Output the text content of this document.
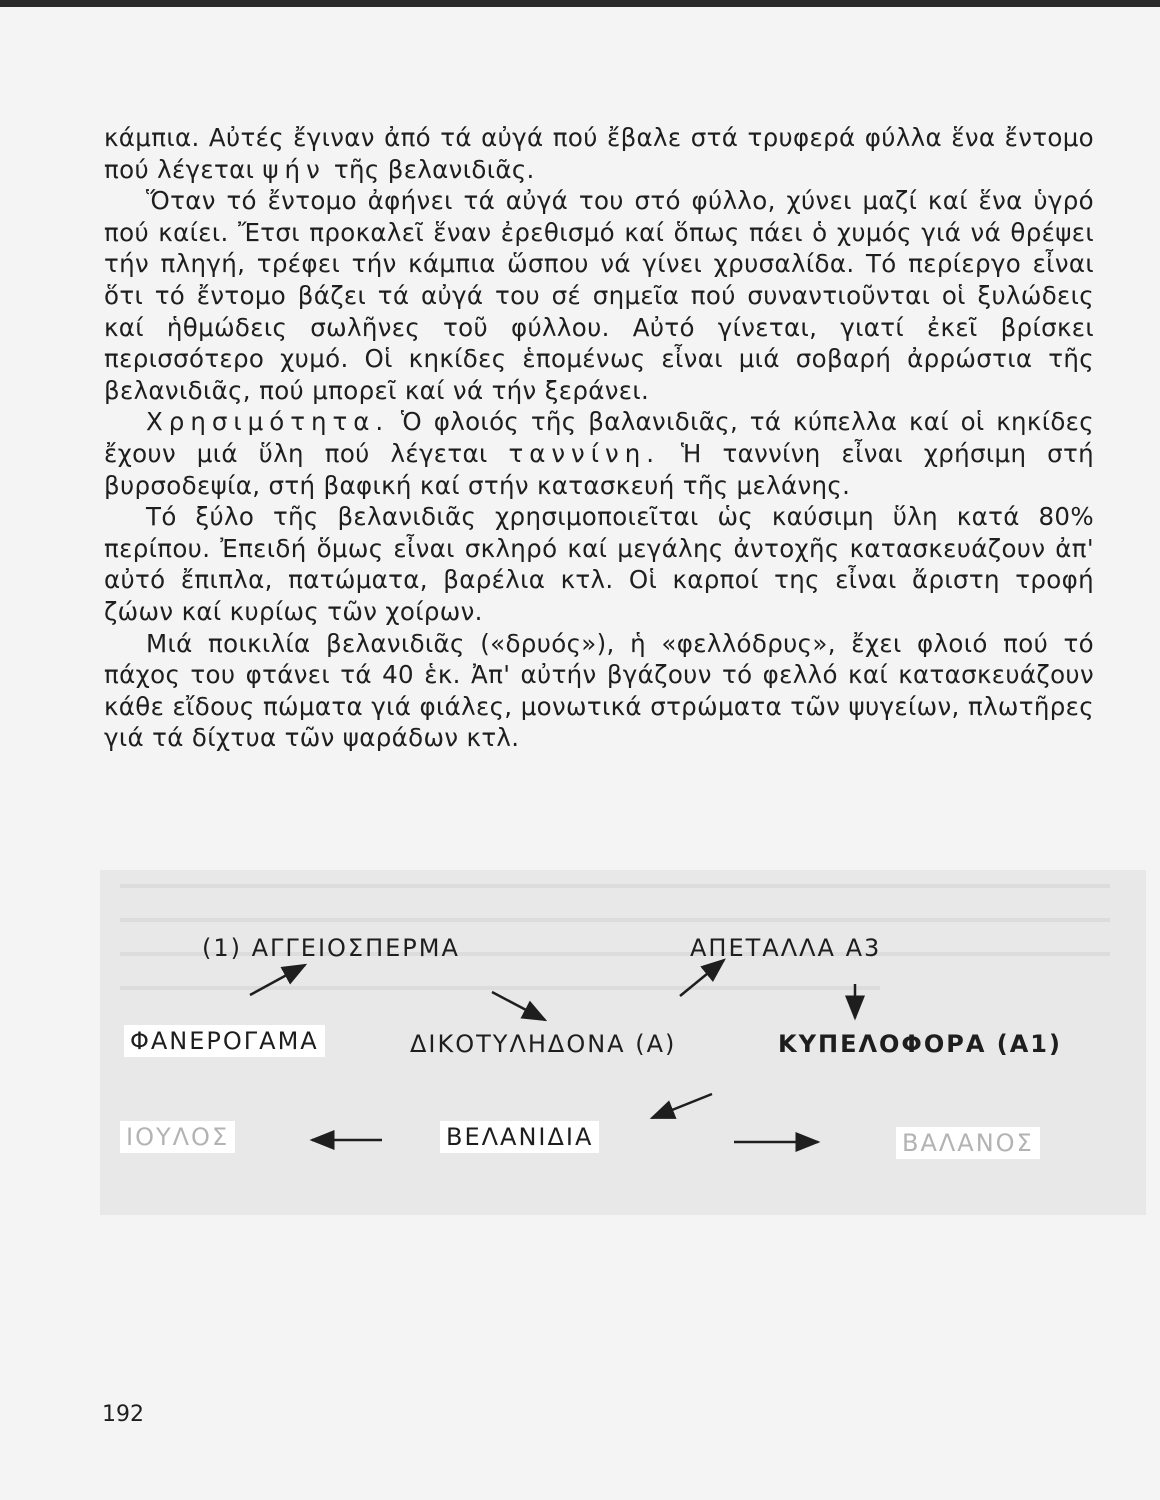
κάμπια. Αὐτές ἔγιναν ἀπό τά αὐγά πού ἔβαλε στά τρυφερά φύλλα ἕνα ἔντομο πού λέγεται ψήν τῆς βελανιδιᾶς.

Ὅταν τό ἔντομο ἀφήνει τά αὐγά του στό φύλλο, χύνει μαζί καί ἕνα ὑγρό πού καίει. Ἔτσι προκαλεῖ ἕναν ἐρεθισμό καί ὅπως πάει ὁ χυμός γιά νά θρέψει τήν πληγή, τρέφει τήν κάμπια ὥσπου νά γίνει χρυσαλίδα. Τό περίεργο εἶναι ὅτι τό ἔντομο βάζει τά αὐγά του σέ σημεῖα πού συναντιοῦνται οἱ ξυλώδεις καί ἡθμώδεις σωλῆνες τοῦ φύλλου. Αὐτό γίνεται, γιατί ἐκεῖ βρίσκει περισσότερο χυμό. Οἱ κηκίδες ἑπομένως εἶναι μιά σοβαρή ἀρρώστια τῆς βελανιδιᾶς, πού μπορεῖ καί νά τήν ξεράνει.

Χρησιμότητα. Ὁ φλοιός τῆς βαλανιδιᾶς, τά κύπελλα καί οἱ κηκίδες ἔχουν μιά ὕλη πού λέγεται ταννίνη. Ἡ ταννίνη εἶναι χρήσιμη στή βυρσοδεψία, στή βαφική καί στήν κατασκευή τῆς μελάνης.

Τό ξύλο τῆς βελανιδιᾶς χρησιμοποιεῖται ὡς καύσιμη ὕλη κατά 80% περίπου. Ἐπειδή ὅμως εἶναι σκληρό καί μεγάλης ἀντοχῆς κατασκευάζουν ἀπ' αὐτό ἔπιπλα, πατώματα, βαρέλια κτλ. Οἱ καρποί της εἶναι ἄριστη τροφή ζώων καί κυρίως τῶν χοίρων.

Μιά ποικιλία βελανιδιᾶς («δρυός»), ἡ «φελλόδρυς», ἔχει φλοιό πού τό πάχος του φτάνει τά 40 ἑκ. Ἀπ' αὐτήν βγάζουν τό φελλό καί κατασκευάζουν κάθε εἴδους πώματα γιά φιάλες, μονωτικά στρώματα τῶν ψυγείων, πλωτῆρες γιά τά δίχτυα τῶν ψαράδων κτλ.

(1) ΑΓΓΕΙΟΣΠΕΡΜΑ	ΑΠΕΤΑΛΛΑ Α3
ΦΑΝΕΡΟΓΑΜΑ	ΔΙΚΟΤΥΛΗΔΟΝΑ (Α)	ΚΥΠΕΛΟΦΟΡΑ (Α1)
ΙΟΥΛΟΣ	ΒΕΛΑΝΙΔΙΑ	ΒΑΛΑΝΟΣ
192
